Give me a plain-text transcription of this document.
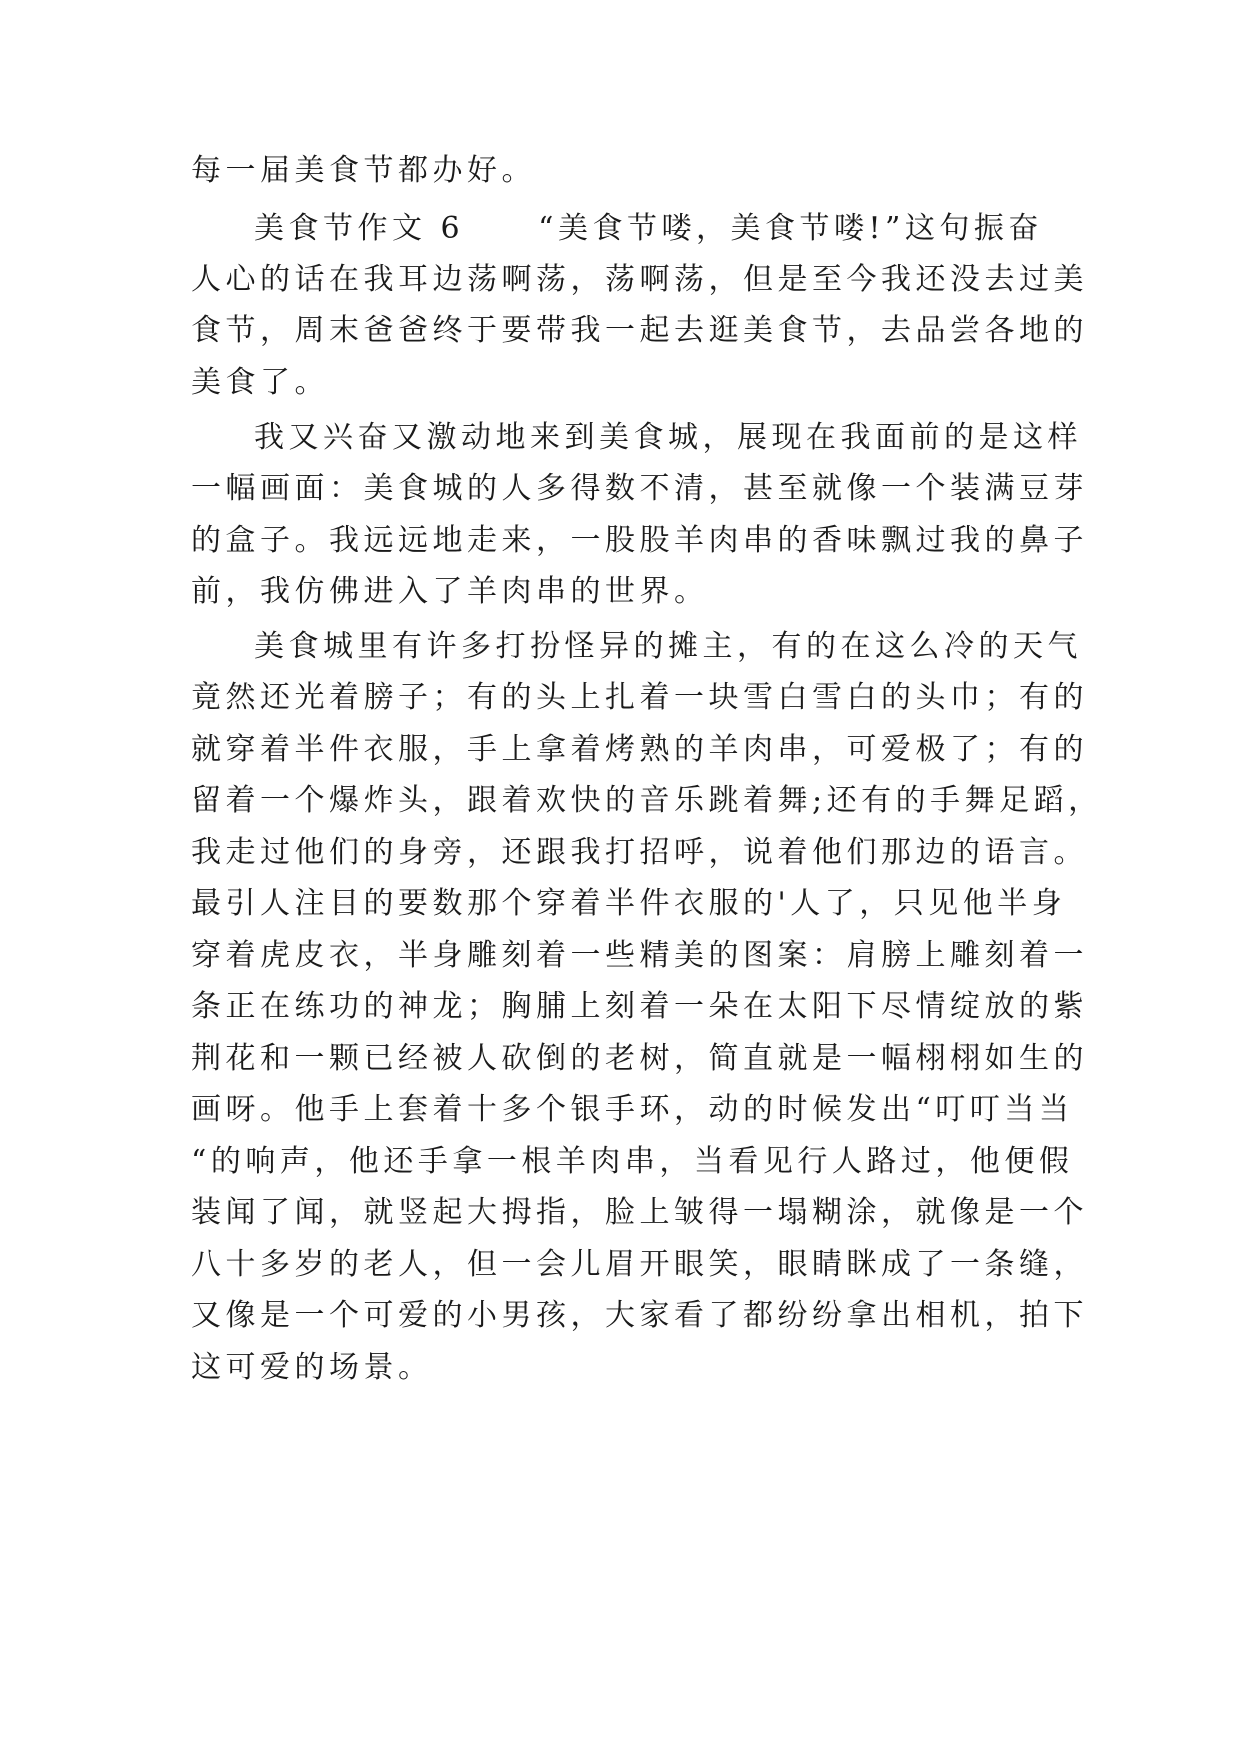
每一届美食节都办好。
美食节作文 6 “美食节喽，美食节喽!”这句振奋
人心的话在我耳边荡啊荡，荡啊荡，但是至今我还没去过美
食节，周末爸爸终于要带我一起去逛美食节，去品尝各地的
美食了。
我又兴奋又激动地来到美食城，展现在我面前的是这样
一幅画面：美食城的人多得数不清，甚至就像一个装满豆芽
的盒子。我远远地走来，一股股羊肉串的香味飘过我的鼻子
前，我仿佛进入了羊肉串的世界。
美食城里有许多打扮怪异的摊主，有的在这么冷的天气
竟然还光着膀子；有的头上扎着一块雪白雪白的头巾；有的
就穿着半件衣服，手上拿着烤熟的羊肉串，可爱极了；有的
留着一个爆炸头，跟着欢快的音乐跳着舞;还有的手舞足蹈，
我走过他们的身旁，还跟我打招呼，说着他们那边的语言。
最引人注目的要数那个穿着半件衣服的'人了，只见他半身
穿着虎皮衣，半身雕刻着一些精美的图案：肩膀上雕刻着一
条正在练功的神龙；胸脯上刻着一朵在太阳下尽情绽放的紫
荆花和一颗已经被人砍倒的老树，简直就是一幅栩栩如生的
画呀。他手上套着十多个银手环，动的时候发出“叮叮当当
“的响声，他还手拿一根羊肉串，当看见行人路过，他便假
装闻了闻，就竖起大拇指，脸上皱得一塌糊涂，就像是一个
八十多岁的老人，但一会儿眉开眼笑，眼睛眯成了一条缝，
又像是一个可爱的小男孩，大家看了都纷纷拿出相机，拍下
这可爱的场景。
